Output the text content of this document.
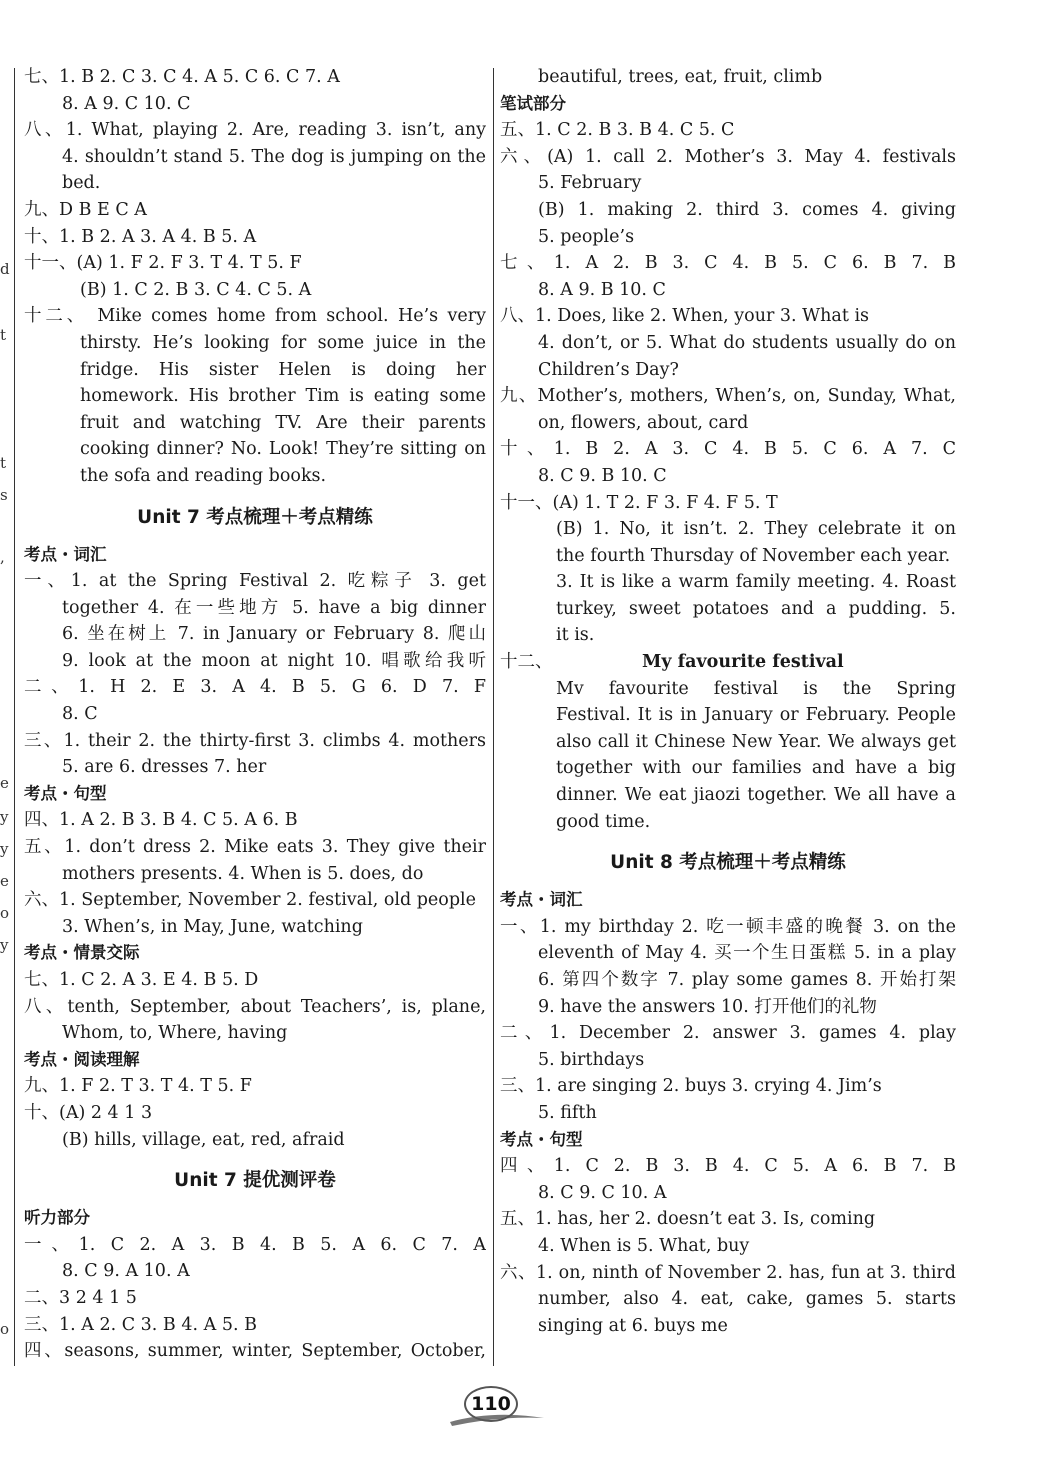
d
t
t
s
,
e
y
y
e
o
y
o
七、1. B 2. C 3. C 4. A 5. C 6. C 7. A
8. A 9. C 10. C
八、1. What, playing 2. Are, reading 3. isn’t, any
4. shouldn’t stand 5. The dog is jumping on the
bed.
九、D B E C A
十、1. B 2. A 3. A 4. B 5. A
十一、(A) 1. F 2. F 3. T 4. T 5. F
(B) 1. C 2. B 3. C 4. C 5. A
十二、 Mike comes home from school. He’s very
thirsty. He’s looking for some juice in the
fridge. His sister Helen is doing her
homework. His brother Tim is eating some
fruit and watching TV. Are their parents
cooking dinner? No. Look! They’re sitting on
the sofa and reading books.
Unit 7 考点梳理＋考点精练
考点・词汇
一、1. at the Spring Festival 2. 吃粽子 3. get
together 4. 在一些地方 5. have a big dinner
6. 坐在树上 7. in January or February 8. 爬山
9. look at the moon at night 10. 唱歌给我听
二、1. H 2. E 3. A 4. B 5. G 6. D 7. F
8. C
三、1. their 2. the thirty-first 3. climbs 4. mothers
5. are 6. dresses 7. her
考点・句型
四、1. A 2. B 3. B 4. C 5. A 6. B
五、1. don’t dress 2. Mike eats 3. They give their
mothers presents. 4. When is 5. does, do
六、1. September, November 2. festival, old people
3. When’s, in May, June, watching
考点・情景交际
七、1. C 2. A 3. E 4. B 5. D
八、tenth, September, about Teachers’, is, plane,
Whom, to, Where, having
考点・阅读理解
九、1. F 2. T 3. T 4. T 5. F
十、(A) 2 4 1 3
(B) hills, village, eat, red, afraid
Unit 7 提优测评卷
听力部分
一、1. C 2. A 3. B 4. B 5. A 6. C 7. A
8. C 9. A 10. A
二、3 2 4 1 5
三、1. A 2. C 3. B 4. A 5. B
四、seasons, summer, winter, September, October,
beautiful, trees, eat, fruit, climb
笔试部分
五、1. C 2. B 3. B 4. C 5. C
六、(A) 1. call 2. Mother’s 3. May 4. festivals
5. February
(B) 1. making 2. third 3. comes 4. giving
5. people’s
七、1. A 2. B 3. C 4. B 5. C 6. B 7. B
8. A 9. B 10. C
八、1. Does, like 2. When, your 3. What is
4. don’t, or 5. What do students usually do on
Children’s Day?
九、Mother’s, mothers, When’s, on, Sunday, What,
on, flowers, about, card
十、1. B 2. A 3. C 4. B 5. C 6. A 7. C
8. C 9. B 10. C
十一、(A) 1. T 2. F 3. F 4. F 5. T
(B) 1. No, it isn’t. 2. They celebrate it on
the fourth Thursday of November each year.
3. It is like a warm family meeting. 4. Roast
turkey, sweet potatoes and a pudding. 5.
it is.
十二、	My favourite festival
Mv favourite festival is the Spring
Festival. It is in January or February. People
also call it Chinese New Year. We always get
together with our families and have a big
dinner. We eat jiaozi together. We all have a
good time.
Unit 8 考点梳理＋考点精练
考点・词汇
一、1. my birthday 2. 吃一顿丰盛的晚餐 3. on the
eleventh of May 4. 买一个生日蛋糕 5. in a play
6. 第四个数字 7. play some games 8. 开始打架
9. have the answers 10. 打开他们的礼物
二、1. December 2. answer 3. games 4. play
5. birthdays
三、1. are singing 2. buys 3. crying 4. Jim’s
5. fifth
考点・句型
四、1. C 2. B 3. B 4. C 5. A 6. B 7. B
8. C 9. C 10. A
五、1. has, her 2. doesn’t eat 3. Is, coming
4. When is 5. What, buy
六、1. on, ninth of November 2. has, fun at 3. third
number, also 4. eat, cake, games 5. starts
singing at 6. buys me
110
